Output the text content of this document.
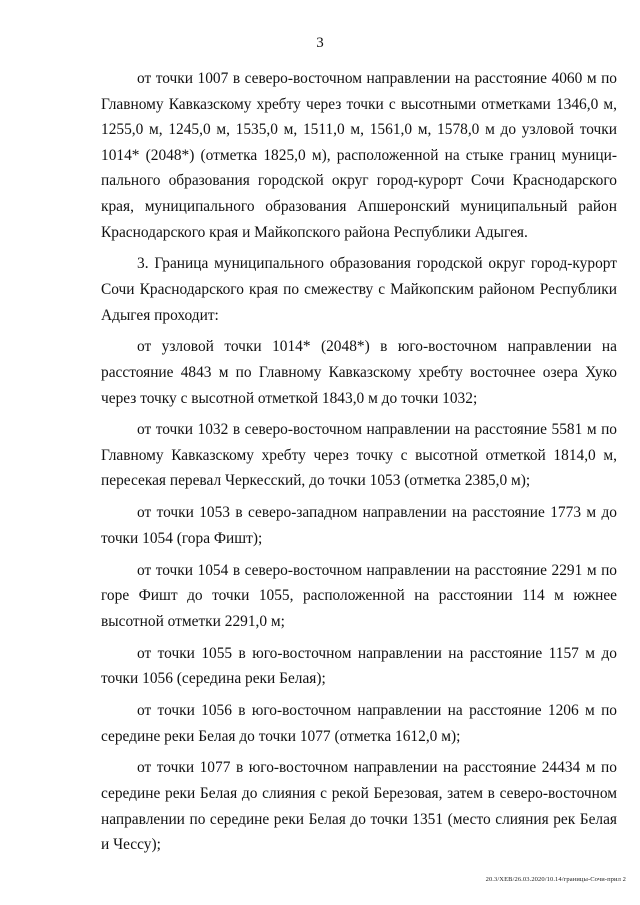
3

от точки 1007 в северо-восточном направлении на расстояние 4060 м по Главному Кавказскому хребту через точки с высотными отметками 1346,0 м, 1255,0 м, 1245,0 м, 1535,0 м, 1511,0 м, 1561,0 м, 1578,0 м до узловой точки 1014* (2048*) (отметка 1825,0 м), расположенной на стыке границ муниципального образования городской округ город-курорт Сочи Краснодарского края, муниципального образования Апшеронский муниципальный район Краснодарского края и Майкопского района Республики Адыгея.

3. Граница муниципального образования городской округ город-курорт Сочи Краснодарского края по смежеству с Майкопским районом Республики Адыгея проходит:

от узловой точки 1014* (2048*) в юго-восточном направлении на расстояние 4843 м по Главному Кавказскому хребту восточнее озера Хуко через точку с высотной отметкой 1843,0 м до точки 1032;

от точки 1032 в северо-восточном направлении на расстояние 5581 м по Главному Кавказскому хребту через точку с высотной отметкой 1814,0 м, пересекая перевал Черкесский, до точки 1053 (отметка 2385,0 м);

от точки 1053 в северо-западном направлении на расстояние 1773 м до точки 1054 (гора Фишт);

от точки 1054 в северо-восточном направлении на расстояние 2291 м по горе Фишт до точки 1055, расположенной на расстоянии 114 м южнее высотной отметки 2291,0 м;

от точки 1055 в юго-восточном направлении на расстояние 1157 м до точки 1056 (середина реки Белая);

от точки 1056 в юго-восточном направлении на расстояние 1206 м по середине реки Белая до точки 1077 (отметка 1612,0 м);

от точки 1077 в юго-восточном направлении на расстояние 24434 м по середине реки Белая до слияния с рекой Березовая, затем в северо-восточном направлении по середине реки Белая до точки 1351 (место слияния рек Белая и Чессу);

20.3/XEB/26.03.2020/10.14/границы-Сочи-прил 2
